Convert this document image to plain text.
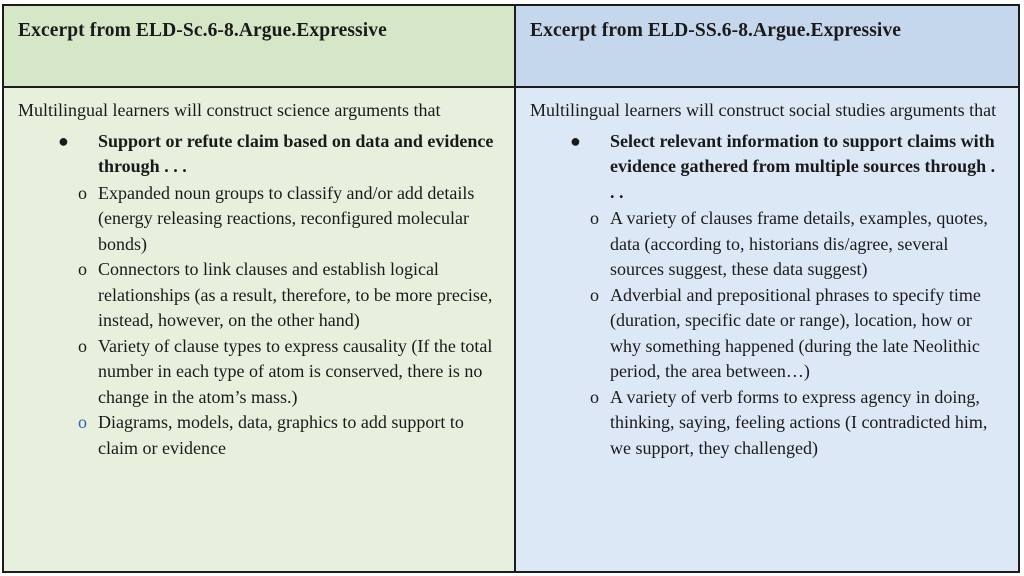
Excerpt from ELD-Sc.6-8.Argue.Expressive	Excerpt from ELD-SS.6-8.Argue.Expressive

Multilingual learners will construct science arguments that

● Support or refute claim based on data and evidence through . . .
o Expanded noun groups to classify and/or add details (energy releasing reactions, reconfigured molecular bonds)
o Connectors to link clauses and establish logical relationships (as a result, therefore, to be more precise, instead, however, on the other hand)
o Variety of clause types to express causality (If the total number in each type of atom is conserved, there is no change in the atom’s mass.)
o Diagrams, models, data, graphics to add support to claim or evidence

Multilingual learners will construct social studies arguments that

● Select relevant information to support claims with evidence gathered from multiple sources through . . .
o A variety of clauses frame details, examples, quotes, data (according to, historians dis/agree, several sources suggest, these data suggest)
o Adverbial and prepositional phrases to specify time (duration, specific date or range), location, how or why something happened (during the late Neolithic period, the area between…)
o A variety of verb forms to express agency in doing, thinking, saying, feeling actions (I contradicted him, we support, they challenged)
